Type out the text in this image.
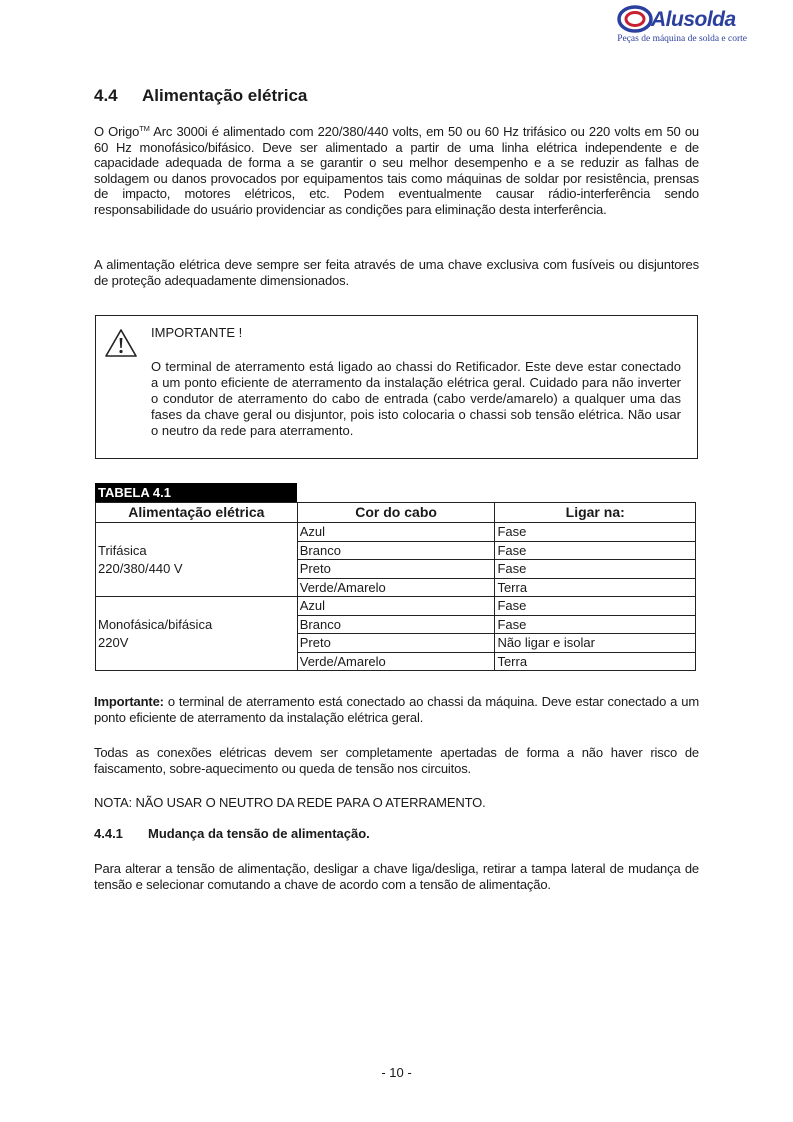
Alusolda
Peças de máquina de solda e corte
4.4 Alimentação elétrica

O Origo™ Arc 3000i é alimentado com 220/380/440 volts, em 50 ou 60 Hz trifásico ou 220 volts em 50 ou 60 Hz monofásico/bifásico. Deve ser alimentado a partir de uma linha elétrica independente e de capacidade adequada de forma a se garantir o seu melhor desempenho e a se reduzir as falhas de soldagem ou danos provocados por equipamentos tais como máquinas de soldar por resistência, prensas de impacto, motores elétricos, etc. Podem eventualmente causar rádio-interferência sendo responsabilidade do usuário providenciar as condições para eliminação desta interferência.

A alimentação elétrica deve sempre ser feita através de uma chave exclusiva com fusíveis ou disjuntores de proteção adequadamente dimensionados.

IMPORTANTE !
O terminal de aterramento está ligado ao chassi do Retificador. Este deve estar conectado a um ponto eficiente de aterramento da instalação elétrica geral. Cuidado para não inverter o condutor de aterramento do cabo de entrada (cabo verde/amarelo) a qualquer uma das fases da chave geral ou disjuntor, pois isto colocaria o chassi sob tensão elétrica. Não usar o neutro da rede para aterramento.
TABELA 4.1
Alimentação elétrica	Cor do cabo	Ligar na:

Trifásica
220/380/440 V	Azul	Fase
	Branco	Fase
	Preto	Fase
	Verde/Amarelo	Terra

Monofásica/bifásica
220V	Azul	Fase
	Branco	Fase
	Preto	Não ligar e isolar
	Verde/Amarelo	Terra

Importante: o terminal de aterramento está conectado ao chassi da máquina. Deve estar conectado a um ponto eficiente de aterramento da instalação elétrica geral.

Todas as conexões elétricas devem ser completamente apertadas de forma a não haver risco de faiscamento, sobre-aquecimento ou queda de tensão nos circuitos.

NOTA: NÃO USAR O NEUTRO DA REDE PARA O ATERRAMENTO.

4.4.1 Mudança da tensão de alimentação.

Para alterar a tensão de alimentação, desligar a chave liga/desliga, retirar a tampa lateral de mudança de tensão e selecionar comutando a chave de acordo com a tensão de alimentação.

- 10 -
